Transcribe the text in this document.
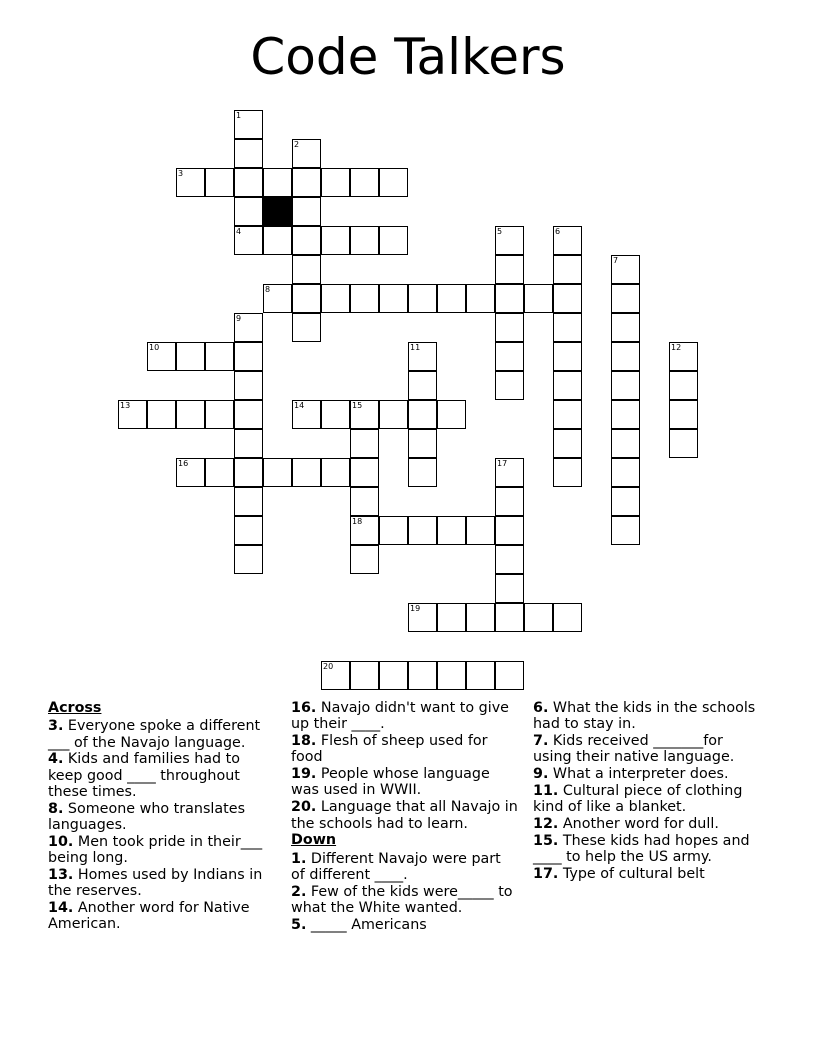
Code Talkers
1
2
3
4	5	6
7
8
9
10	11	12
13	14	15
16	17
18
19
20
Across
3. Everyone spoke a different ___ of the Navajo language.
4. Kids and families had to keep good ____ throughout these times.
8. Someone who translates languages.
10. Men took pride in their___ being long.
13. Homes used by Indians in the reserves.
14. Another word for Native American.
16. Navajo didn't want to give up their ____.
18. Flesh of sheep used for food
19. People whose language was used in WWII.
20. Language that all Navajo in the schools had to learn.
Down
1. Different Navajo were part of different ____.
2. Few of the kids were_____ to what the White wanted.
5. _____ Americans
6. What the kids in the schools had to stay in.
7. Kids received _______for using their native language.
9. What a interpreter does.
11. Cultural piece of clothing kind of like a blanket.
12. Another word for dull.
15. These kids had hopes and ____ to help the US army.
17. Type of cultural belt
